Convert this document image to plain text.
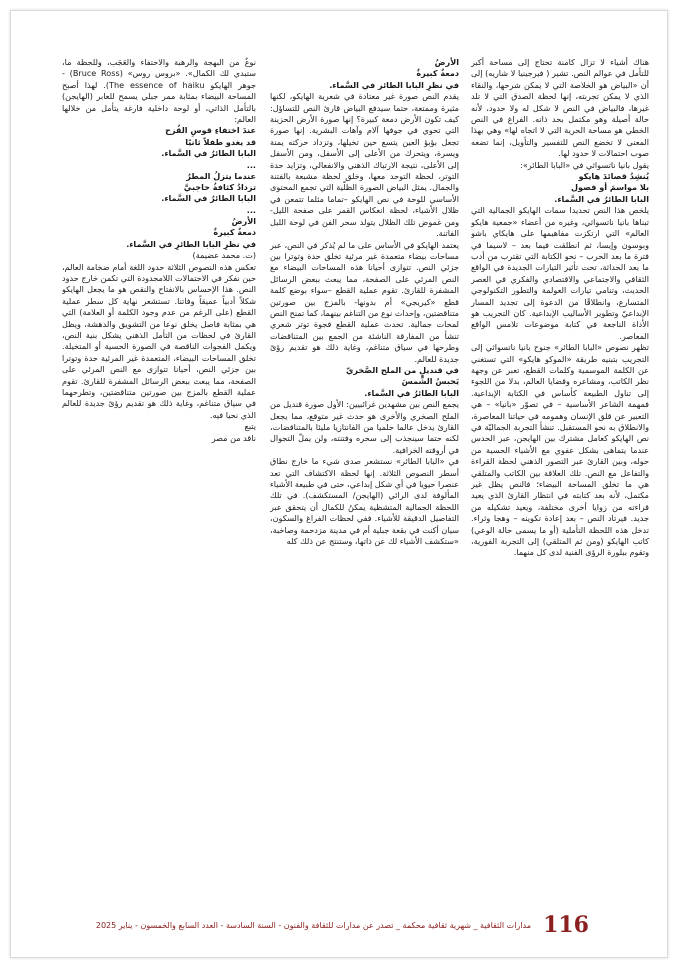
هناك أشياء لا تزال كامنة تحتاج إلى مساحة أكبر للتأمل في عوالم النص. تشير ( فيرجينيا لا شاريه) إلى أن «البياض هو الخلاصة التي لا يمكن شرحها، والنقاء الذي لا يمكن تجربته، إنها لحظة الصدق التي لا تلد غيرها، فالبياض في النص لا شكل له ولا حدود، لأنه حالة أصيلة وهو مكتمل بحد ذاته. الفراغ في النص الخطي هو مساحة الحرية التي لا اتجاه لها» وهي بهذا المعنى لا تخضع النص للتفسير والتأويل، إنما تضعه صوب احتمالات لا حدود لها.

يقول بانيا ناتسواثي في «البابا الطائر»:

يُنشِدُ قصائدَ هايكو
بلا مواسمَ أو فصول
البابا الطائرُ في السَّماء.

يلخص هذا النص تحديدا سمات الهايكو الجمالية التي تبناها بانيا ناتسواثي، وغيره من أعضاء «جمعية هايكو العالم» التي ارتكزت مفاهيمها على هايكاي باشو وبوسون وإيسا، ثم انطلقت فيما بعد – لاسيما في فترة ما بعد الحرب – نحو الكتابة التي تقترب من أدب ما بعد الحداثة، تحت تأثير التيارات الجديدة في الواقع الثقافي والاجتماعي والاقتصادي والفكري في العصر الحديث، وتنامي تيارات العولمة والتطور التكنولوجي المتسارع، وانطلاقًا من الدعوة إلى تجديد المسار الإبداعيّ وتطوير الأساليب الإبداعية. كان التجريب هو الأداة الناجعة في كتابة موضوعات تلامس الواقع المعاصر.

تظهر نصوص «البابا الطائر» جنوح بانيا ناتسواثي إلى التجريب بتبنيه طريقة «الموكو هايكو» التي تستغني عن الكلمة الموسمية وكلمات القطع، تعبر عن وجهة نظر الكاتب، ومشاعره وقضايا العالم، بدلا من اللجوء إلى تناول الطبيعة كأساس في الكتابة الإبداعية. فمهمة الشاعر الأساسية – في تصوّر «بانيا» – هي التعبير عن قلق الإنسان وهمومه في حياتنا المعاصرة، والانطلاق به نحو المستقبل. تنشأ التجربة الجماليّة في نص الهايكو كعامل مشترك بين الهايجن، عبر الحدس عندما يتماهى بشكل عفوي مع الأشياء الحسية من حوله، وبين القارئ عبر التصور الذهني لحظة القراءة والتفاعل مع النص. تلك العلاقة بين الكاتب والمتلقي هي ما تخلق المساحة البيضاء؛ فالنص يظل غير مكتمل، لأنه بعد كتابته في انتظار القارئ الذي يعيد قراءته من زوايا أخرى مختلفة، ويعيد تشكيله من جديد. فيرتاد النص – بعد إعادة تكوينه – وهجا وثراء. تدخل هذه اللحظة التأملية (أو ما يسمى حالة الوعي) كاتب الهايكو (ومن ثم المتلقي) إلى التجربة الفورية، وتقوم ببلورة الرؤى الفنية لدى كل منهما.

الأرضُ
دمعةٌ كبيرةٌ
في نظرِ البابا الطائر في السَّماء.

يقدم النص صورة غير معتادة في شعرية الهايكو، لكنها مثيرة وممتعة، حتما سيدفع البياض قارئ النص للتساؤل: كيف تكون الأرض دمعة كبيرة؟ إنها صورة الأرض الحزينة التي تحوي في جوفها آلام وآهات البشرية. إنها صورة تجعل بؤبؤ العين يتسع حين تخيلها، وتزداد حركته يمنة ويسرة، ويتحرك من الأعلى إلى الأسفل، ومن الأسفل إلى الأعلى، نتيجة الارتباك الذهني والانفعالي، وتزايد حدة التوتر، لحظة التوحد معها، وخلق لحظة مشبعة بالفتنة والجمال. يمثل البياض الصورة الظلّية التي تجمع المحتوى الأساسي للوحة في نص الهايكو –تماما مثلما تتمعن في ظلال الأشياء، لحظة انعكاس القمر على صفحة الليل- ومن غموض تلك الظلال يتولد سحر الفن في لوحة الليل الفاتنة.

يعتمد الهايكو في الأساس على ما لم يُذكر في النص، عبر مساحات بيضاء متعمدة غير مرئية تخلق حدة وتوترا بين جزئي النص. تتوازى أحيانا هذه المساحات البيضاء مع النص المرئي على الصفحة، مما يبعث ببعض الرسائل المشفرة للقارئ. تقوم عملية القطع –سواء بوضع كلمة قطع «كيريجي» أم بدونها- بالمزج بين صورتين متناقضتين، وإحداث نوع من التناغم بينهما، كما تمنح النص لمحات جمالية. تحدث عملية القطع فجوة توتر شعري تنشأ من المفارقة الناشئة من الجمع بين المتناقضات وطرحها في سياق متناغم، وغاية ذلك هو تقديم رؤىً جديدة للعالم.

في قنديلٍ من الملح الصَّخريّ
يَحبسُ الشَّمسَ
البابا الطائرُ في السَّماء.

يجمع النص بين مشهدين غرائبيين: الأول صورة قنديل من الملح الصخري والأخرى هو حدث غير متوقع، مما يجعل القارئ يدخل عالما حلميا من الفانتازيا مليئا بالمتناقضات، لكنه حتما سينجذب إلى سحره وفتنته، ولن يملّ التجوال في أروقته الخرافية.

في «البابا الطائر» نستشعر صدى شيء ما خارج نطاق أسطر النصوص الثلاثة. إنها لحظة الاكتشاف التي تعد عنصرا حيويا في أي شكل إبداعي، حتى في طبيعة الأشياء المألوفة لدى الرائي (الهايجن/ المستكشف). في تلك اللحظة الجمالية المتشظية يمكنُ للكمال أن يتحقق عبر التفاصيل الدقيقة للأشياء. ففي لحظات الفراغ والسكون، سيان أكنت في بقعة جبلية أم في مدينة مزدحمة وصاخبة، «ستكشف الأشياء لك عن ذاتها، وستنتج عن ذلك كله

نوعٌ من البهجة والرهبة والاحتفاء والعَجَب، وللحظة ما، ستبدي لك الكمال». «بروس روس» (Bruce Ross) - جوهر الهايكو The essence of haiku). لهذا أصبح المساحة البيضاء بمثابة ممر جبلي يسمح للعابر (الهايجن) بالتأمل الذاتي، أو لوحة داخلية فارغة يتأمل من خلالها العالم:

عندَ اختفاءِ قوسِ القُزح
قد يغدو طفلاً ثانيًا
البابا الطائرُ في السَّماء.
...
عندما يتزلُ المطرُ
تزدادُ كثافةُ حاجبيَّ
البابا الطائرُ في السَّماء.
...
الأرضُ
دمعةٌ كبيرةٌ
في نظرِ البابا الطائرِ في السَّماء.

(ت. محمد عضيمة)

تعكس هذه النصوص الثلاثة حدود اللغة أمام ضخامة العالم، حين نفكر في الاحتمالات اللامحدودة التي تكمن خارج حدود النص. هذا الإحساس بالانفتاح والنقص هو ما يجعل الهايكو شكلاً أدبياً عميقاً وفاتنا. تستشعر نهاية كل سطر عملية القطع (على الرغم من عدم وجود الكلمة أو العلامة) التي هي بمثابة فاصل يخلق نوعا من التشويق والدهشة، ويظل القارئ في لحظات من التأمل الذهني يشكل بنية النص، ويكمل الفجوات الناقصة في الصورة الحسية أو المتخيلة. تخلق المساحات البيضاء، المتعمدة غير المرئية حدة وتوترا بين جزئي النص، أحيانا تتوازى مع النص المرئي على الصفحة، مما يبعث ببعض الرسائل المشفرة للقارئ. تقوم عملية القطع بالمزج بين صورتين متناقضتين، وتطرحهما في سياق متناغم، وغاية ذلك هو تقديم رؤىً جديدة للعالم الذي نحيا فيه.

يتبع

ناقد من مصر

116
مدارات الثقافية _ شهرية ثقافية محكمة _ تصدر عن مدارات للثقافة والفنون - السنة السادسة - العدد السابع والخمسون - يناير 2025
